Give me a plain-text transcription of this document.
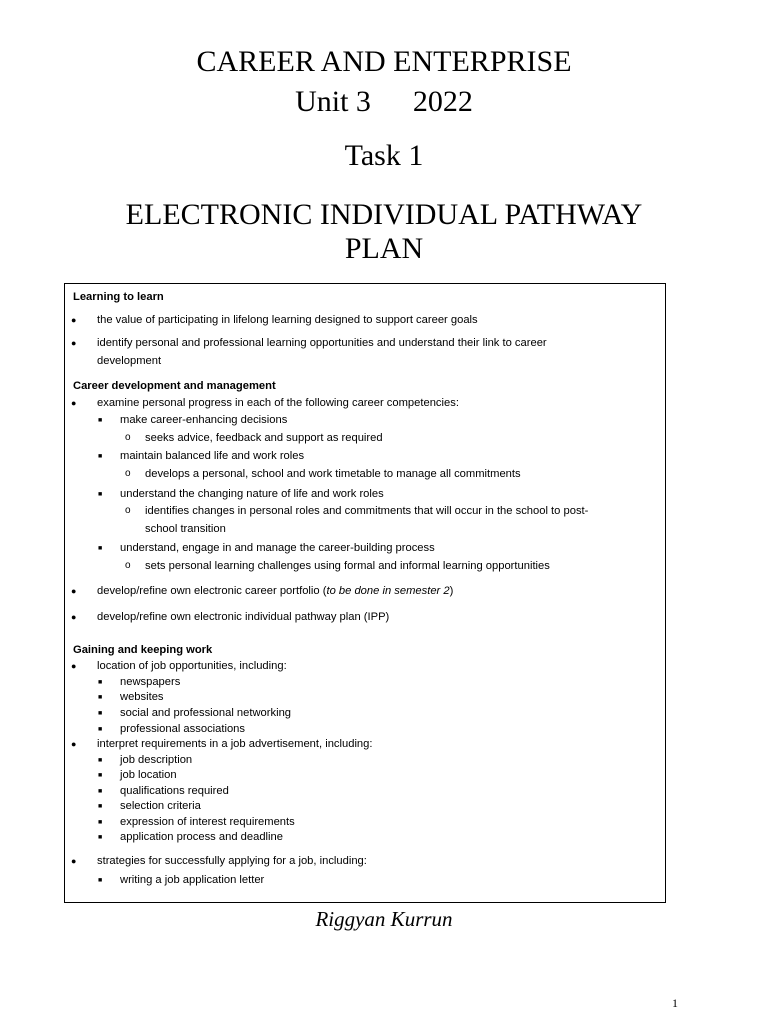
CAREER AND ENTERPRISE
Unit 3 2022
Task 1
ELECTRONIC INDIVIDUAL PATHWAY
PLAN
Learning to learn
●	the value of participating in lifelong learning designed to support career goals
●	identify personal and professional learning opportunities and understand their link to career
development
Career development and management
●	examine personal progress in each of the following career competencies:
■	make career-enhancing decisions
o	seeks advice, feedback and support as required
■	maintain balanced life and work roles
o	develops a personal, school and work timetable to manage all commitments
■	understand the changing nature of life and work roles
o	identifies changes in personal roles and commitments that will occur in the school to post-
school transition
■	understand, engage in and manage the career-building process
o	sets personal learning challenges using formal and informal learning opportunities
●	develop/refine own electronic career portfolio (to be done in semester 2)
●	develop/refine own electronic individual pathway plan (IPP)
Gaining and keeping work
●	location of job opportunities, including:
■	newspapers
■	websites
■	social and professional networking
■	professional associations
●	interpret requirements in a job advertisement, including:
■	job description
■	job location
■	qualifications required
■	selection criteria
■	expression of interest requirements
■	application process and deadline
●	strategies for successfully applying for a job, including:
■	writing a job application letter
Riggyan Kurrun
1
